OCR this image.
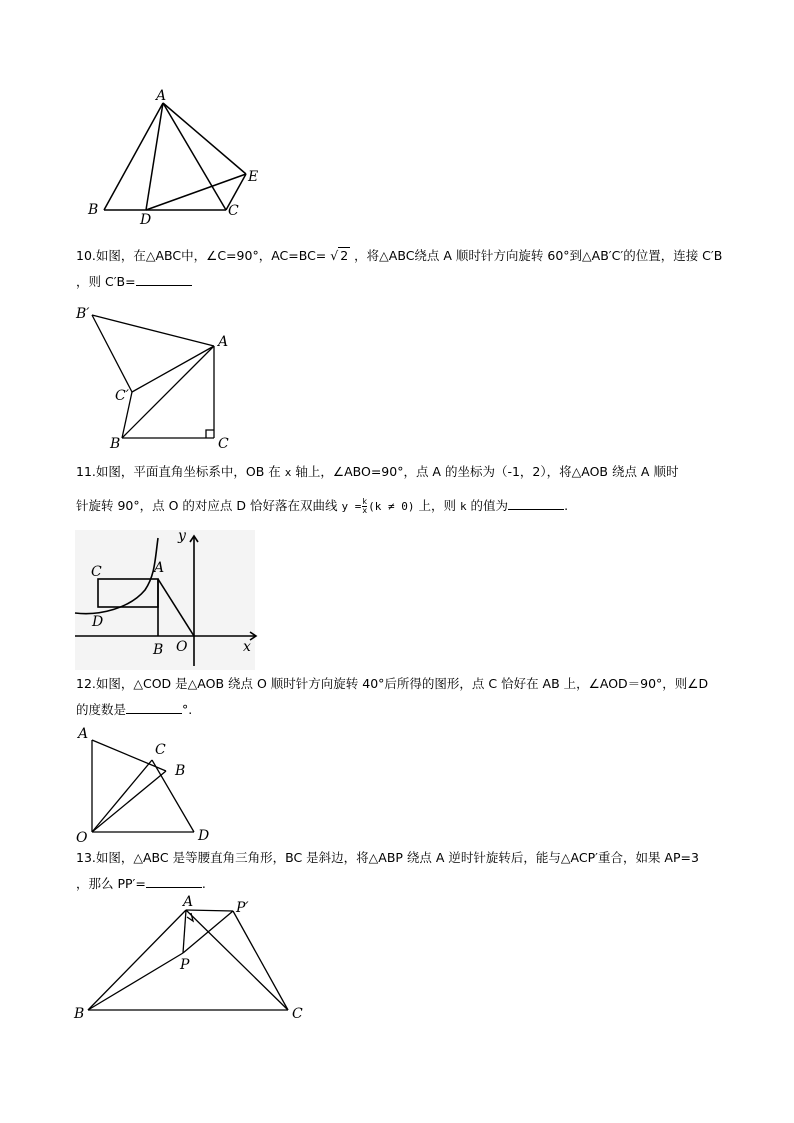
A
B
D
C
E
B′
A
C′
B	C
C	A
D
B O	x
y
A
C
B
O	D
A	P′
P
B	C
10.如图，在△ABC中，∠C=90°，AC=BC= √ 2 ，将△ABC绕点 A 顺时针方向旋转 60°到△AB′C′的位置，连接 C′B
，则 C′B=
11.如图，平面直角坐标系中，OB 在 x 轴上，∠ABO=90°，点 A 的坐标为（-1，2），将△AOB 绕点 A 顺时
针旋转 90°，点 O 的对应点 D 恰好落在双曲线 $y = \frac{k}{x} (k \ne 0)$ 上，则 k 的值为	.
12.如图，△COD 是△AOB 绕点 O 顺时针方向旋转 40°后所得的图形，点 C 恰好在 AB 上，∠AOD＝90°，则∠D
的度数是	°.
13.如图，△ABC 是等腰直角三角形，BC 是斜边，将△ABP 绕点 A 逆时针旋转后，能与△ACP′重合，如果 AP=3
，那么 PP′=	.
